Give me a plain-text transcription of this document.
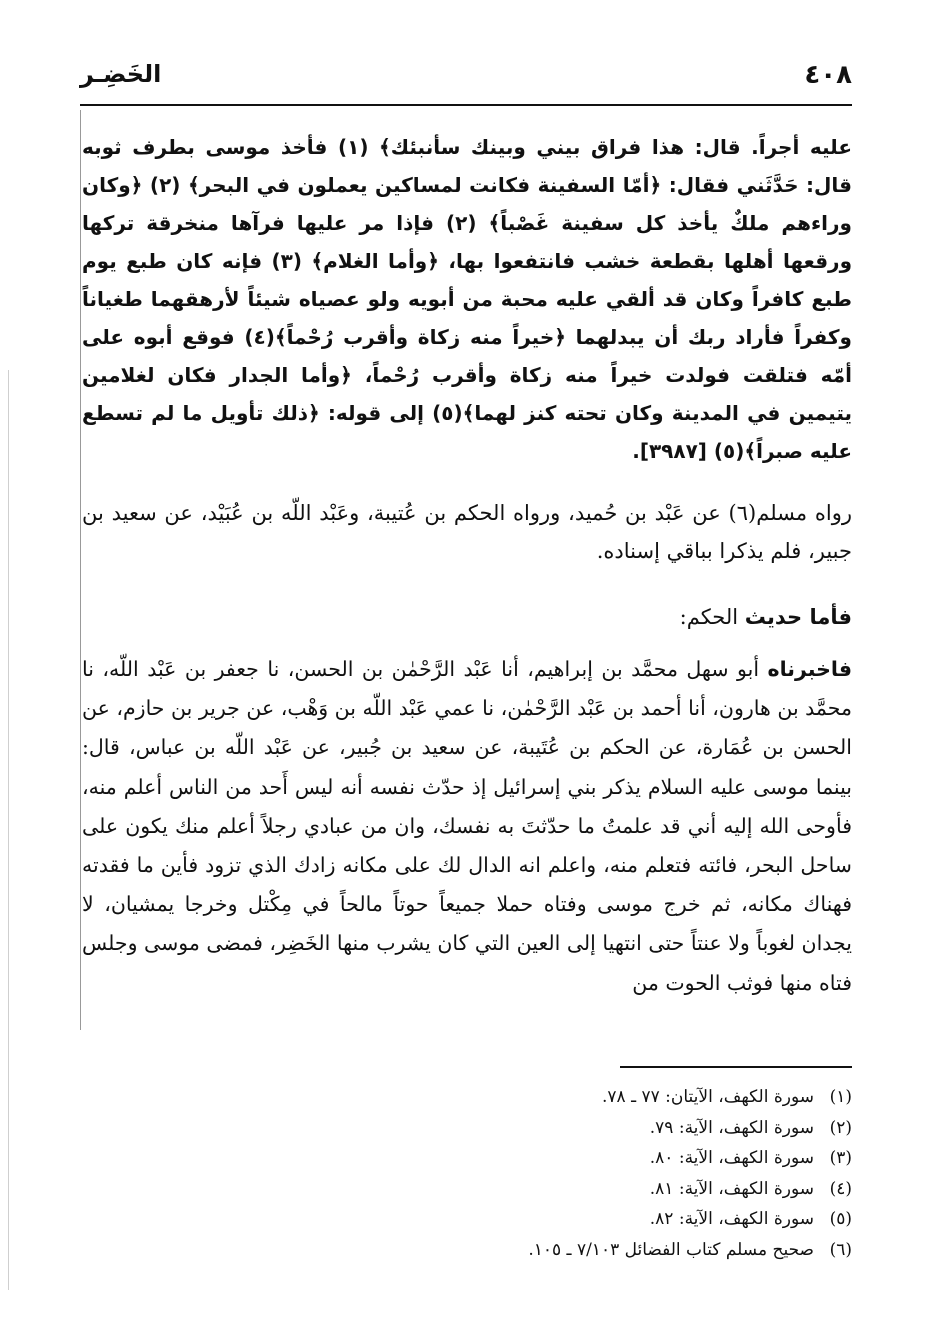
٤٠٨
الخَضِـر

عليه أجراً. قال: هذا فراق بيني وبينك سأنبئك﴾ (١) فأخذ موسى بطرف ثوبه قال: حَدَّثَني فقال: ﴿أمّا السفينة فكانت لمساكين يعملون في البحر﴾ (٢) ﴿وكان وراءهم ملكٌ يأخذ كل سفينة غَصْباً﴾ (٢) فإذا مر عليها فرآها منخرقة تركها ورقعها أهلها بقطعة خشب فانتفعوا بها، ﴿وأما الغلام﴾ (٣) فإنه كان طبع يوم طبع كافراً وكان قد ألقي عليه محبة من أبويه ولو عصياه شيئاً لأرهقهما طغياناً وكفراً فأراد ربك أن يبدلهما ﴿خيراً منه زكاة وأقرب رُحْماً﴾(٤) فوقع أبوه على أمّه فتلقت فولدت خيراً منه زكاة وأقرب رُحْماً، ﴿وأما الجدار فكان لغلامين يتيمين في المدينة وكان تحته كنز لهما﴾(٥) إلى قوله: ﴿ذلك تأويل ما لم تسطع عليه صبراً﴾(٥) [٣٩٨٧].

رواه مسلم(٦) عن عَبْد بن حُميد، ورواه الحكم بن عُتيبة، وعَبْد اللّه بن عُبَيْد، عن سعيد بن جبير، فلم يذكرا بباقي إسناده.

فأما حديث الحكم:

فاخبرناه أبو سهل محمَّد بن إبراهيم، أنا عَبْد الرَّحْمٰن بن الحسن، نا جعفر بن عَبْد اللّه، نا محمَّد بن هارون، أنا أحمد بن عَبْد الرَّحْمٰن، نا عمي عَبْد اللّه بن وَهْب، عن جرير بن حازم، عن الحسن بن عُمَارة، عن الحكم بن عُتَيبة، عن سعيد بن جُبير، عن عَبْد اللّه بن عباس، قال: بينما موسى عليه السلام يذكر بني إسرائيل إذ حدّث نفسه أنه ليس أَحد من الناس أعلم منه، فأوحى الله إليه أني قد علمتُ ما حدّثتَ به نفسك، وان من عبادي رجلاً أعلم منك يكون على ساحل البحر، فائته فتعلم منه، واعلم انه الدال لك على مكانه زادك الذي تزود فأين ما فقدته فهناك مكانه، ثم خرج موسى وفتاه حملا جميعاً حوتاً مالحاً في مِكْتل وخرجا يمشيان، لا يجدان لغوباً ولا عنتاً حتى انتهيا إلى العين التي كان يشرب منها الخَضِر، فمضى موسى وجلس فتاه منها فوثب الحوت من

(١)سورة الكهف، الآيتان: ٧٧ ـ ٧٨.
(٢)سورة الكهف، الآية: ٧٩.
(٣)سورة الكهف، الآية: ٨٠.
(٤)سورة الكهف، الآية: ٨١.
(٥)سورة الكهف، الآية: ٨٢.
(٦)صحيح مسلم كتاب الفضائل ٧/١٠٣ ـ ١٠٥.
